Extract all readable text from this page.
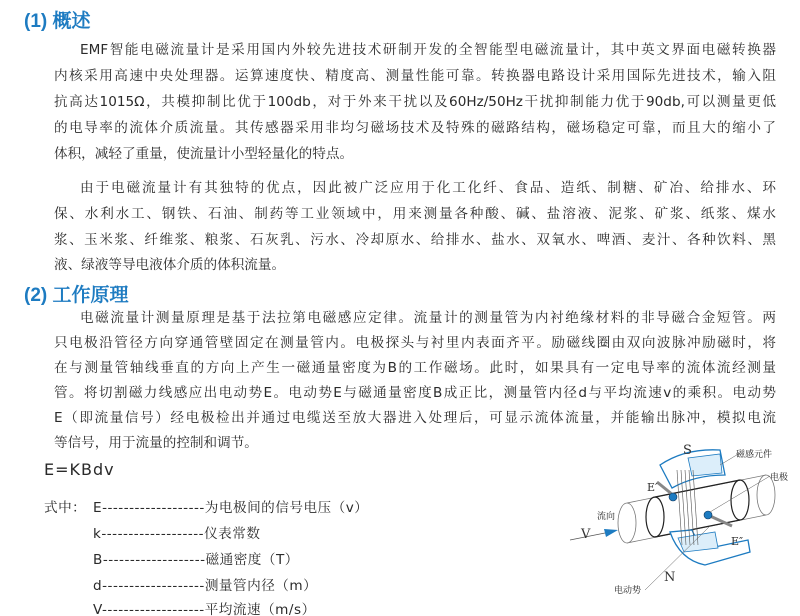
(1) 概述
EMF智能电磁流量计是采用国内外较先进技术研制开发的全智能型电磁流量计，其中英文界面电磁转换器
内核采用高速中央处理器。运算速度快、精度高、测量性能可靠。转换器电路设计采用国际先进技术，输入阻
抗高达1015Ω，共模抑制比优于100db，对于外来干扰以及60Hz/50Hz干扰抑制能力优于90db,可以测量更低
的电导率的流体介质流量。其传感器采用非均匀磁场技术及特殊的磁路结构，磁场稳定可靠，而且大的缩小了
体积，减轻了重量，使流量计小型轻量化的特点。
由于电磁流量计有其独特的优点，因此被广泛应用于化工化纤、食品、造纸、制糖、矿冶、给排水、环
保、水利水工、钢铁、石油、制药等工业领域中，用来测量各种酸、碱、盐溶液、泥浆、矿浆、纸浆、煤水
浆、玉米浆、纤维浆、粮浆、石灰乳、污水、冷却原水、给排水、盐水、双氧水、啤酒、麦汁、各种饮料、黑
液、绿液等导电液体介质的体积流量。
(2) 工作原理
电磁流量计测量原理是基于法拉第电磁感应定律。流量计的测量管为内衬绝缘材料的非导磁合金短管。两
只电极沿管径方向穿通管壁固定在测量管内。电极探头与衬里内表面齐平。励磁线圈由双向波脉冲励磁时，将
在与测量管轴线垂直的方向上产生一磁通量密度为B的工作磁场。此时，如果具有一定电导率的流体流经测量
管。将切割磁力线感应出电动势E。电动势E与磁通量密度B成正比，测量管内径d与平均流速v的乘积。电动势
E（即流量信号）经电极检出并通过电缆送至放大器进入处理后，可显示流体流量，并能输出脉冲，模拟电流
等信号，用于流量的控制和调节。
E=KBdv
式中： E-------------------为电极间的信号电压（v）
k-------------------仪表常数
B-------------------磁通密度（T）
d-------------------测量管内径（m）
V-------------------平均流速（m/s）
磁感元件
电极
流向
电动势
S
N
E′
E″
V
